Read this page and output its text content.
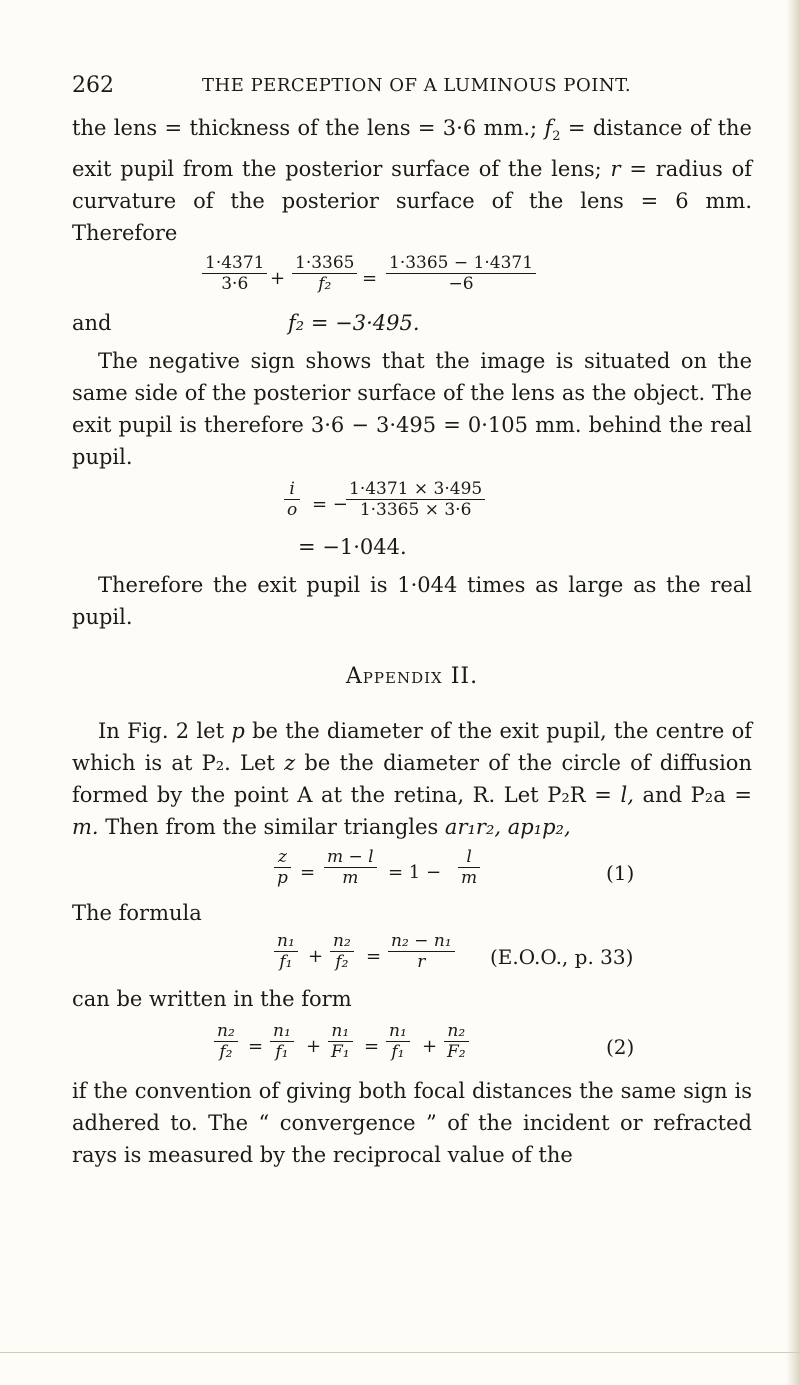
262	THE PERCEPTION OF A LUMINOUS POINT.

the lens = thickness of the lens = 3·6 mm.; $f_2$ = distance of the exit pupil from the posterior surface of the lens; r = radius of curvature of the posterior surface of the lens = 6 mm. Therefore

$\frac{1\cdot 4371}{3\cdot 6} + \frac{1\cdot 3365}{\text{f₂}} = \frac{1\cdot 3365 - 1\cdot 4371}{-6}$
and	f₂ = −3·495.

The negative sign shows that the image is situated on the same side of the posterior surface of the lens as the object. The exit pupil is therefore 3·6 − 3·495 = 0·105 mm. behind the real pupil.

$\frac{i}{o}$ = −
$\frac{1\cdot 4371 \times 3\cdot 495}{1\cdot 3365 \times 3\cdot 6}$
= −1·044.

Therefore the exit pupil is 1·044 times as large as the real pupil.

Appendix II.

In Fig. 2 let p be the diameter of the exit pupil, the centre of which is at P₂. Let z be the diameter of the circle of diffusion formed by the point A at the retina, R. Let P₂R = l, and P₂a = m. Then from the similar triangles ar₁r₂, ap₁p₂,

$\frac{z}{p} = \frac{m - l}{m} = 1 - \frac{l}{m}$	(1)

The formula

$\frac{\text{n₁}}{\text{f₁}} + \frac{\text{n₂}}{\text{f₂}} = \frac{\text{n₂ − n₁}}{r} (E.O.O$., p. 33)

can be written in the form

$\frac{\text{n₂}}{\text{f₂}} = \frac{\text{n₁}}{\text{f₁}} + \frac{\text{n₁}}{\text{F₁}} = \frac{\text{n₁}}{\text{f₁}} + \frac{\text{n₂}}{\text{F₂}}$	(2)

if the convention of giving both focal distances the same sign is adhered to. The “ convergence ” of the incident or refracted rays is measured by the reciprocal value of the
